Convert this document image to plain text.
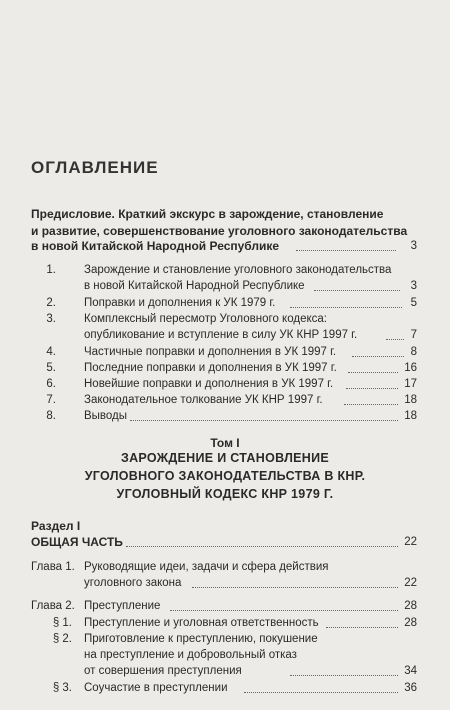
ОГЛАВЛЕНИЕ
Предисловие. Краткий экскурс в зарождение, становление
и развитие, совершенствование уголовного законодательства
в новой Китайской Народной Республике	3
1. Зарождение и становление уголовного законодательства
в новой Китайской Народной Республике	3
2. Поправки и дополнения к УК 1979 г.	5
3. Комплексный пересмотр Уголовного кодекса:
опубликование и вступление в силу УК КНР 1997 г.	7
4. Частичные поправки и дополнения в УК 1997 г.	8
5. Последние поправки и дополнения в УК 1997 г.	16
6. Новейшие поправки и дополнения в УК 1997 г.	17
7. Законодательное толкование УК КНР 1997 г.	18
8. Выводы	18
Том I
ЗАРОЖДЕНИЕ И СТАНОВЛЕНИЕ
УГОЛОВНОГО ЗАКОНОДАТЕЛЬСТВА В КНР.
УГОЛОВНЫЙ КОДЕКС КНР 1979 Г.
Раздел I
ОБЩАЯ ЧАСТЬ	22
Глава 1. Руководящие идеи, задачи и сфера действия
уголовного закона	22
Глава 2. Преступление	28
§ 1. Преступление и уголовная ответственность	28
§ 2. Приготовление к преступлению, покушение
на преступление и добровольный отказ
от совершения преступления	34
§ 3. Соучастие в преступлении	36
